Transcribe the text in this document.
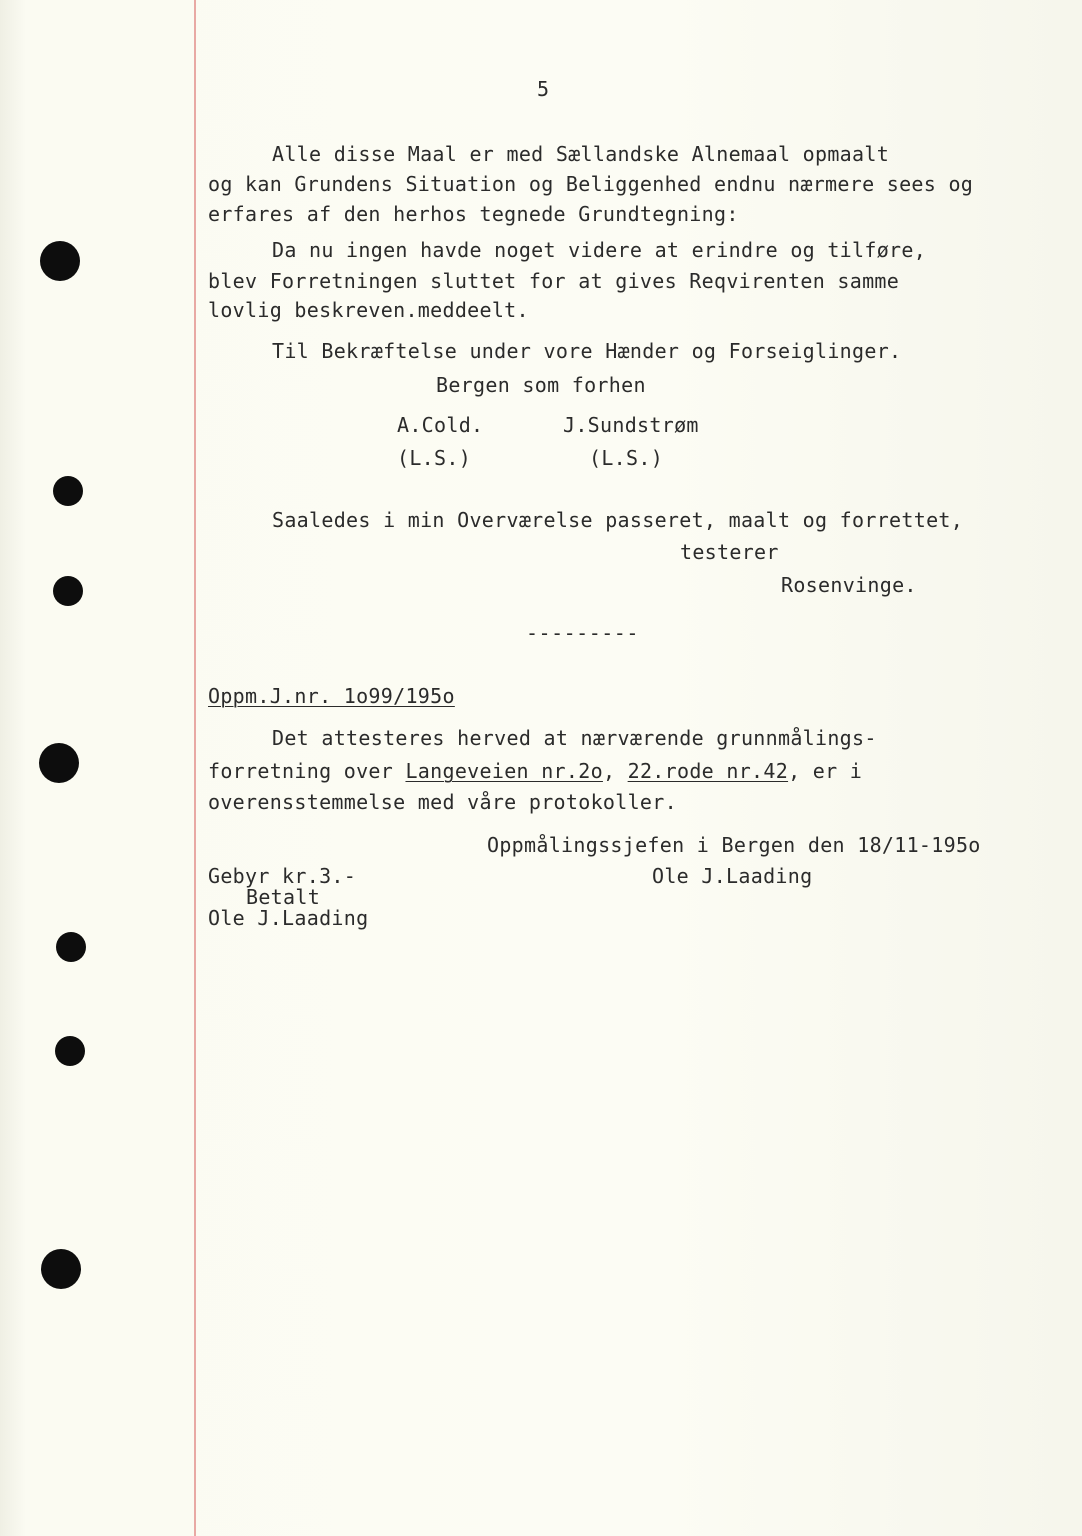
5
Alle disse Maal er med Sællandske Alnemaal opmaalt
og kan Grundens Situation og Beliggenhed endnu nærmere sees og
erfares af den herhos tegnede Grundtegning:
Da nu ingen havde noget videre at erindre og tilføre,
blev Forretningen sluttet for at gives Reqvirenten samme
lovlig beskreven.meddeelt.
Til Bekræftelse under vore Hænder og Forseiglinger.
Bergen som forhen
A.Cold.	J.Sundstrøm
(L.S.)	(L.S.)
Saaledes i min Overværelse passeret, maalt og forrettet,
testerer
Rosenvinge.
---------
Oppm.J.nr. 1o99/195o
Det attesteres herved at nærværende grunnmålings-
forretning over Langeveien nr.2o, 22.rode nr.42, er i
overensstemmelse med våre protokoller.
Oppmålingssjefen i Bergen den 18/11-195o
Ole J.Laading
Gebyr kr.3.-
Betalt
Ole J.Laading
